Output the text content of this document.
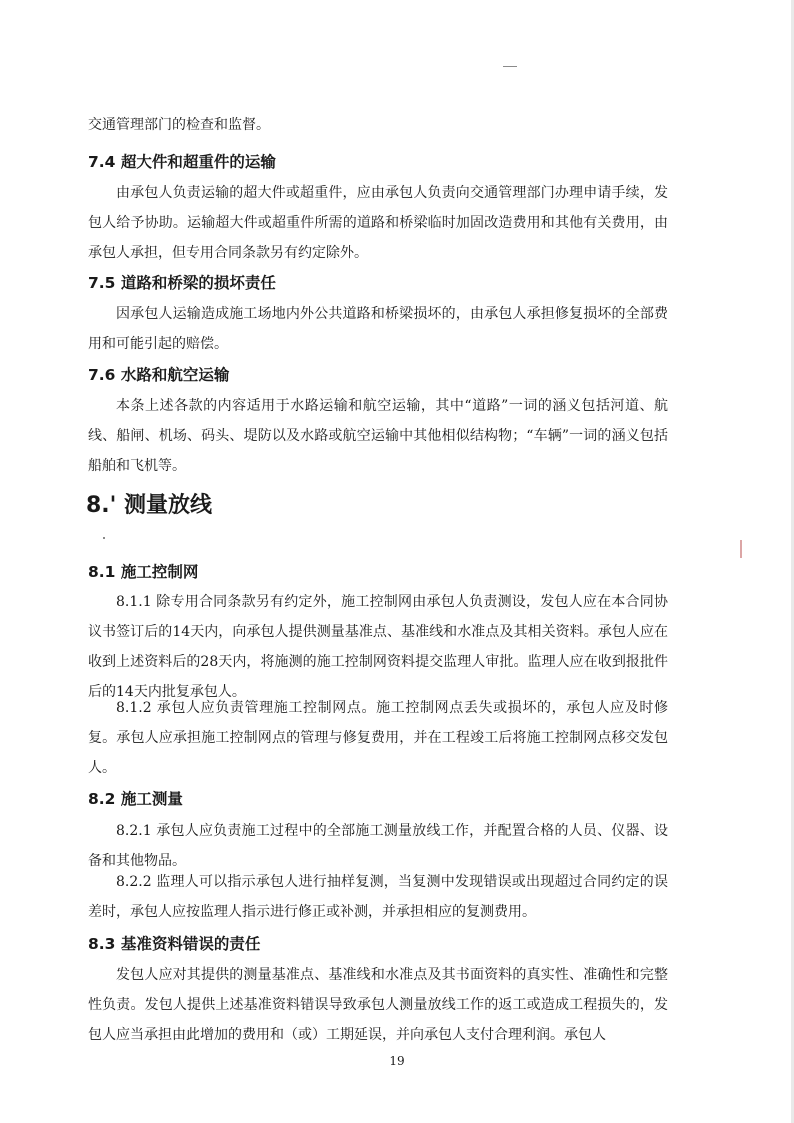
交通管理部门的检查和监督。

7.4 超大件和超重件的运输

由承包人负责运输的超大件或超重件，应由承包人负责向交通管理部门办理申请手续，发包人给予协助。运输超大件或超重件所需的道路和桥梁临时加固改造费用和其他有关费用，由承包人承担，但专用合同条款另有约定除外。

7.5 道路和桥梁的损坏责任

因承包人运输造成施工场地内外公共道路和桥梁损坏的，由承包人承担修复损坏的全部费用和可能引起的赔偿。

7.6 水路和航空运输

本条上述各款的内容适用于水路运输和航空运输，其中“道路”一词的涵义包括河道、航线、船闸、机场、码头、堤防以及水路或航空运输中其他相似结构物；“车辆”一词的涵义包括船舶和飞机等。

8.' 测量放线
8.1 施工控制网

8.1.1 除专用合同条款另有约定外，施工控制网由承包人负责测设，发包人应在本合同协议书签订后的14天内，向承包人提供测量基准点、基准线和水准点及其相关资料。承包人应在收到上述资料后的28天内，将施测的施工控制网资料提交监理人审批。监理人应在收到报批件后的14天内批复承包人。

8.1.2 承包人应负责管理施工控制网点。施工控制网点丢失或损坏的，承包人应及时修复。承包人应承担施工控制网点的管理与修复费用，并在工程竣工后将施工控制网点移交发包人。

8.2 施工测量

8.2.1 承包人应负责施工过程中的全部施工测量放线工作，并配置合格的人员、仪器、设备和其他物品。

8.2.2 监理人可以指示承包人进行抽样复测，当复测中发现错误或出现超过合同约定的误差时，承包人应按监理人指示进行修正或补测，并承担相应的复测费用。

8.3 基准资料错误的责任

发包人应对其提供的测量基准点、基准线和水准点及其书面资料的真实性、准确性和完整性负责。发包人提供上述基准资料错误导致承包人测量放线工作的返工或造成工程损失的，发包人应当承担由此增加的费用和（或）工期延误，并向承包人支付合理利润。承包人

19
